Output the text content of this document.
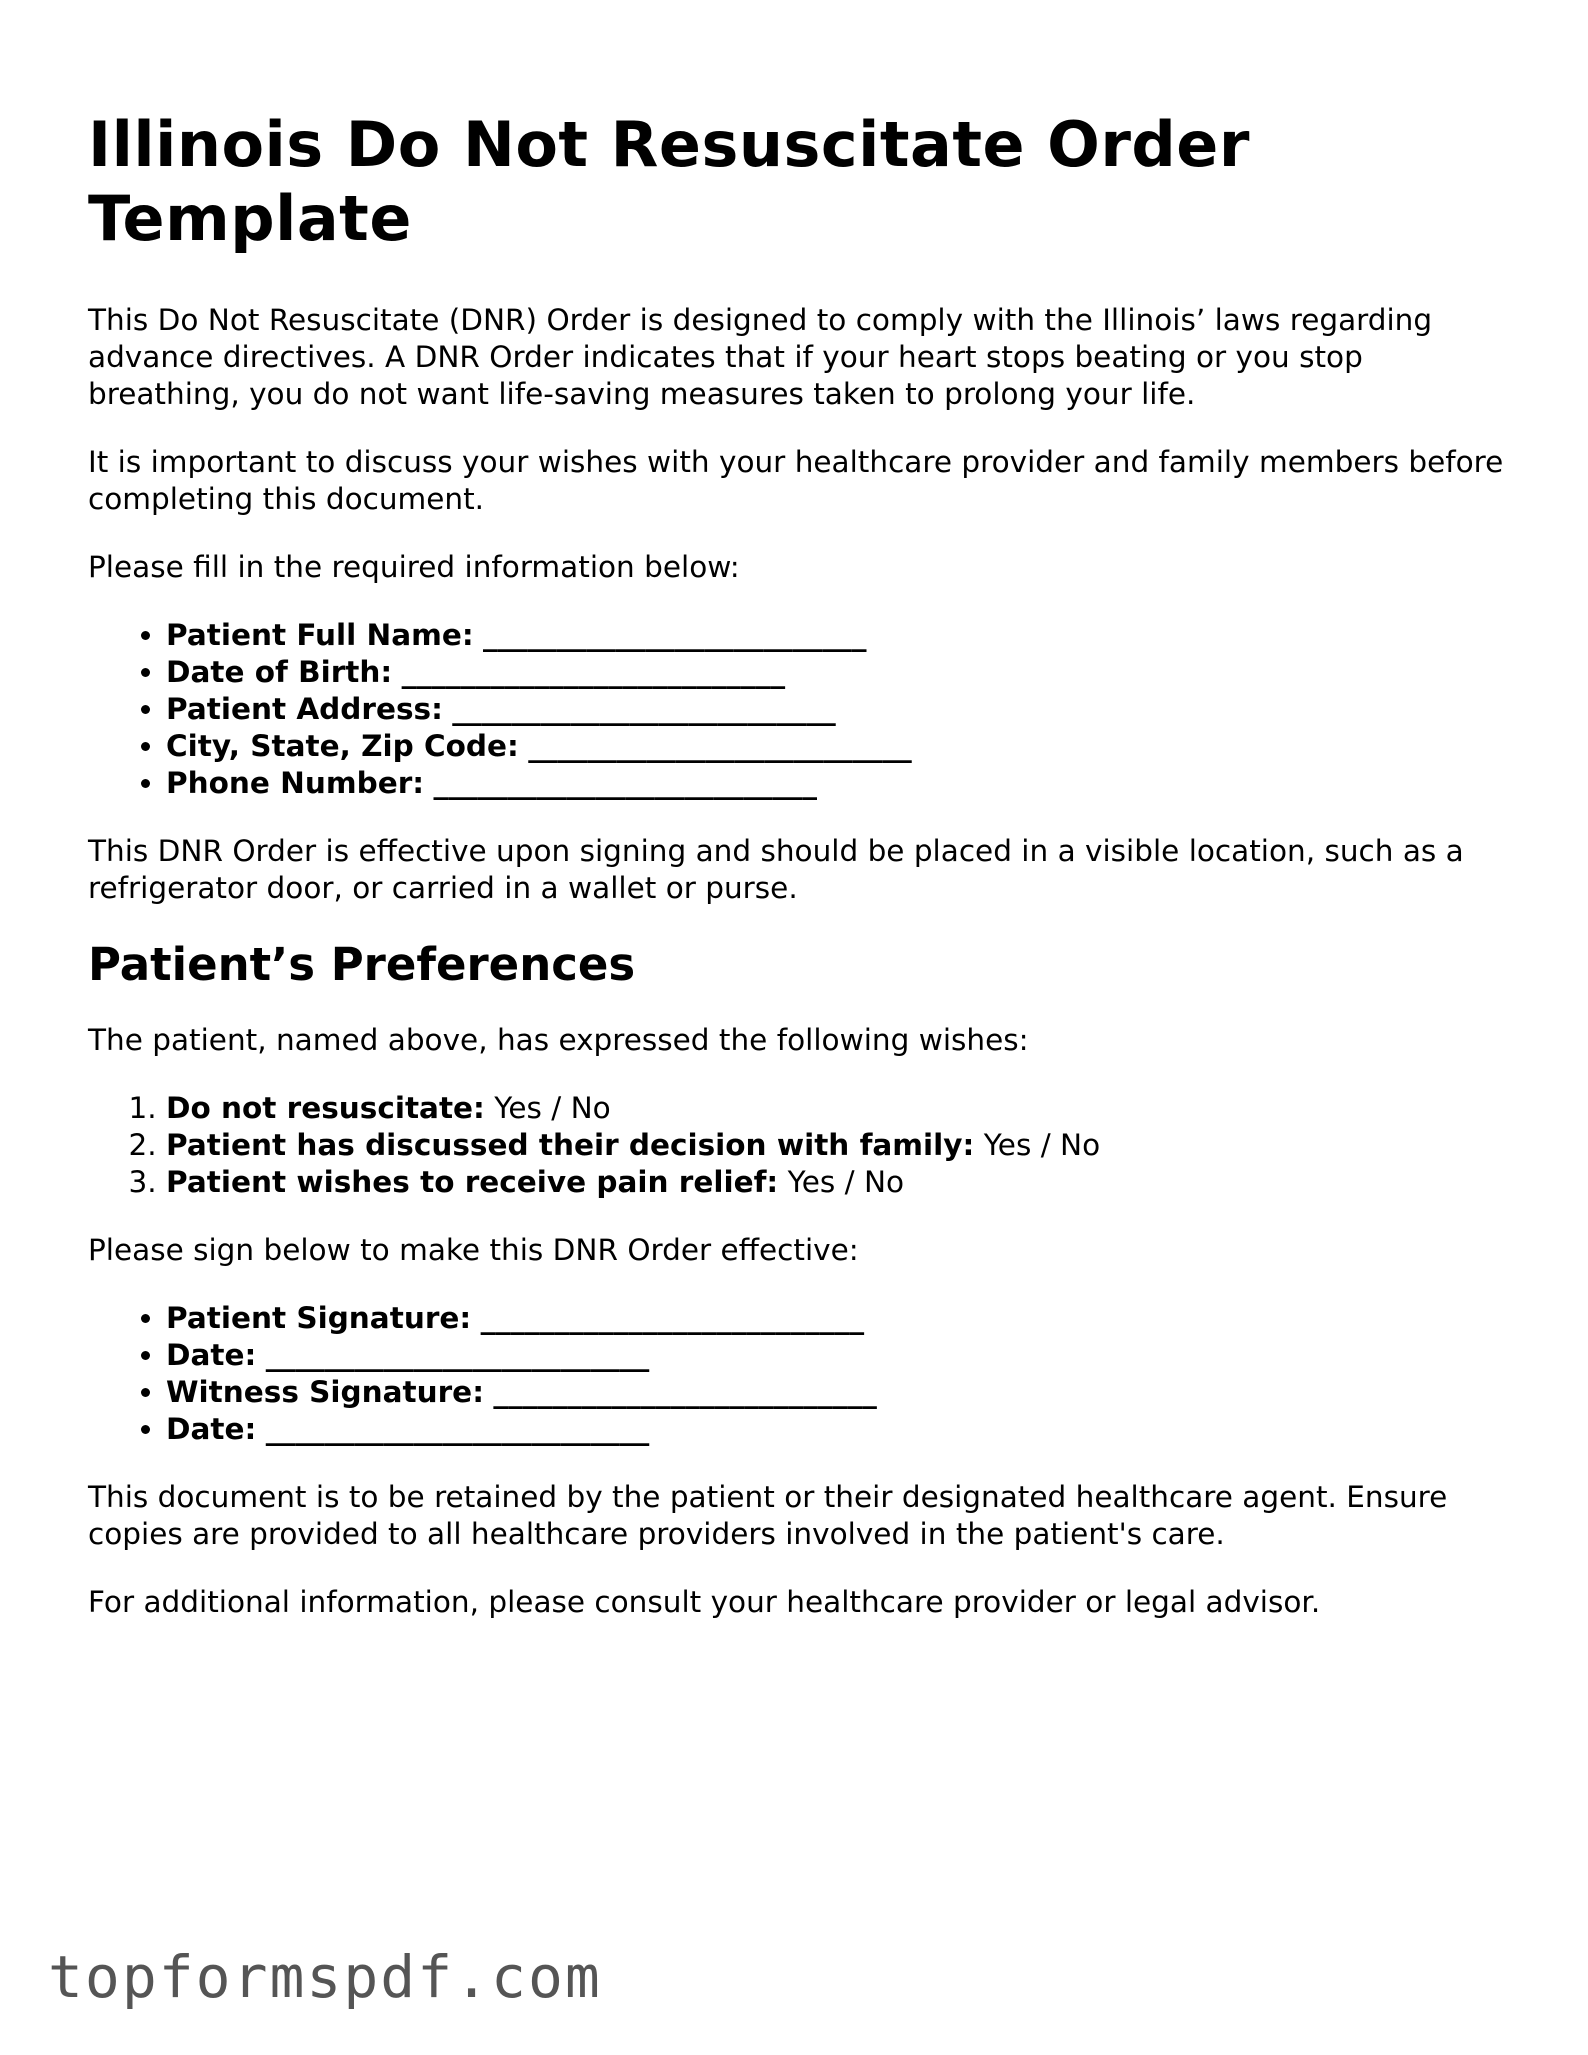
Illinois Do Not Resuscitate Order Template

This Do Not Resuscitate (DNR) Order is designed to comply with the Illinois’ laws regarding advance directives. A DNR Order indicates that if your heart stops beating or you stop breathing, you do not want life-saving measures taken to prolong your life.

It is important to discuss your wishes with your healthcare provider and family members before completing this document.

Please fill in the required information below:

• Patient Full Name: __________________________
• Date of Birth: __________________________
• Patient Address: __________________________
• City, State, Zip Code: __________________________
• Phone Number: __________________________

This DNR Order is effective upon signing and should be placed in a visible location, such as a refrigerator door, or carried in a wallet or purse.

Patient’s Preferences

The patient, named above, has expressed the following wishes:

1. Do not resuscitate: Yes / No
2. Patient has discussed their decision with family: Yes / No
3. Patient wishes to receive pain relief: Yes / No

Please sign below to make this DNR Order effective:

• Patient Signature: __________________________
• Date: __________________________
• Witness Signature: __________________________
• Date: __________________________

This document is to be retained by the patient or their designated healthcare agent. Ensure copies are provided to all healthcare providers involved in the patient's care.

For additional information, please consult your healthcare provider or legal advisor.

topformspdf.com
